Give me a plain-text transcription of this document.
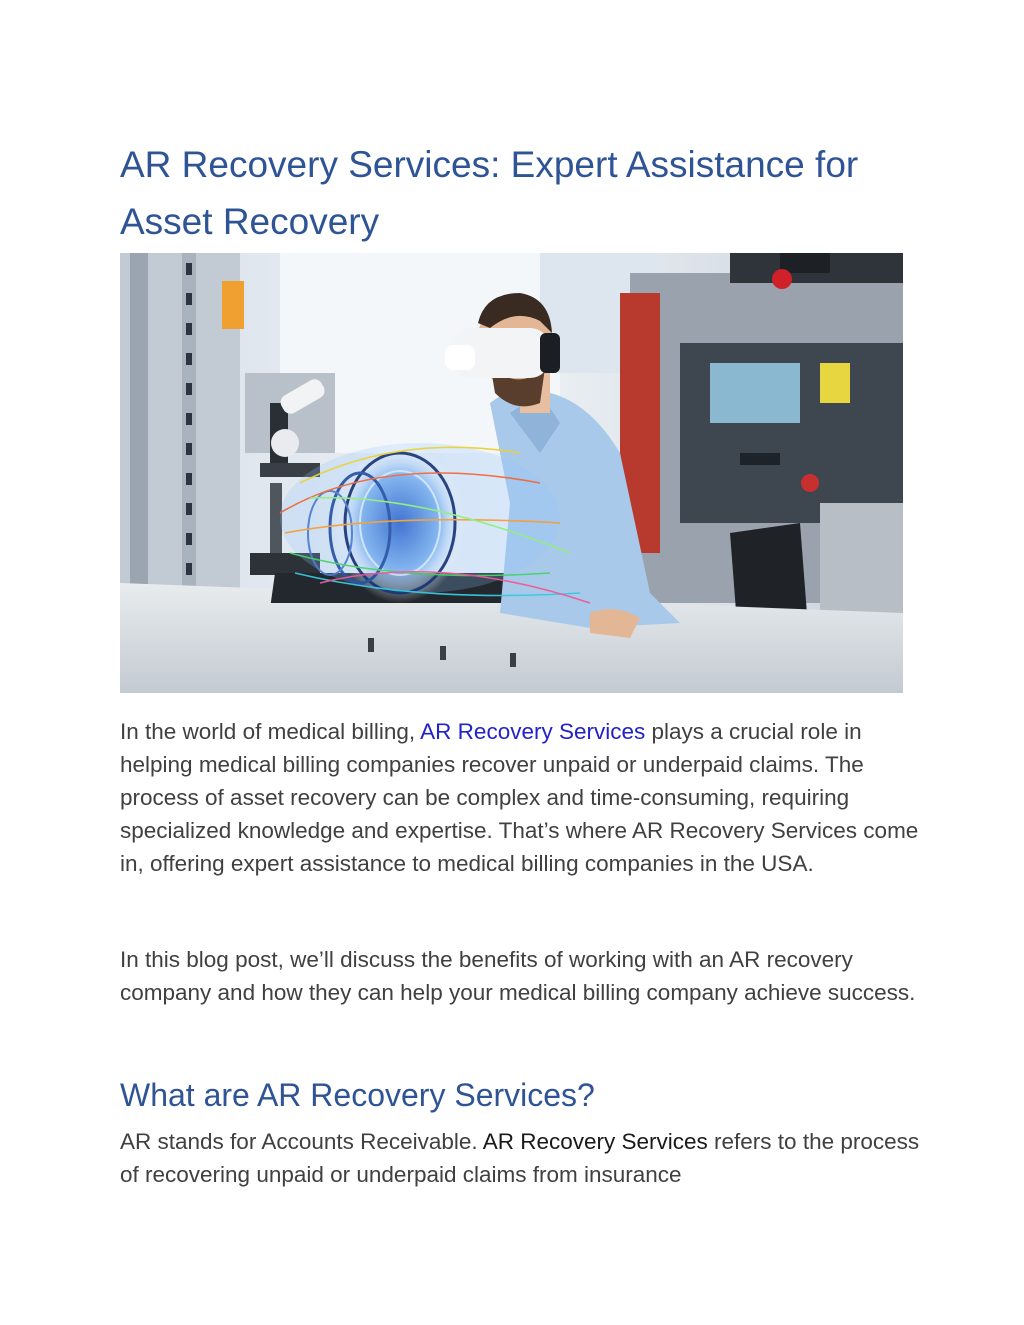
AR Recovery Services: Expert Assistance for Asset Recovery

In the world of medical billing, AR Recovery Services plays a crucial role in helping medical billing companies recover unpaid or underpaid claims. The process of asset recovery can be complex and time-consuming, requiring specialized knowledge and expertise. That’s where AR Recovery Services come in, offering expert assistance to medical billing companies in the USA.

In this blog post, we’ll discuss the benefits of working with an AR recovery company and how they can help your medical billing company achieve success.

What are AR Recovery Services?

AR stands for Accounts Receivable. AR Recovery Services refers to the process of recovering unpaid or underpaid claims from insurance
